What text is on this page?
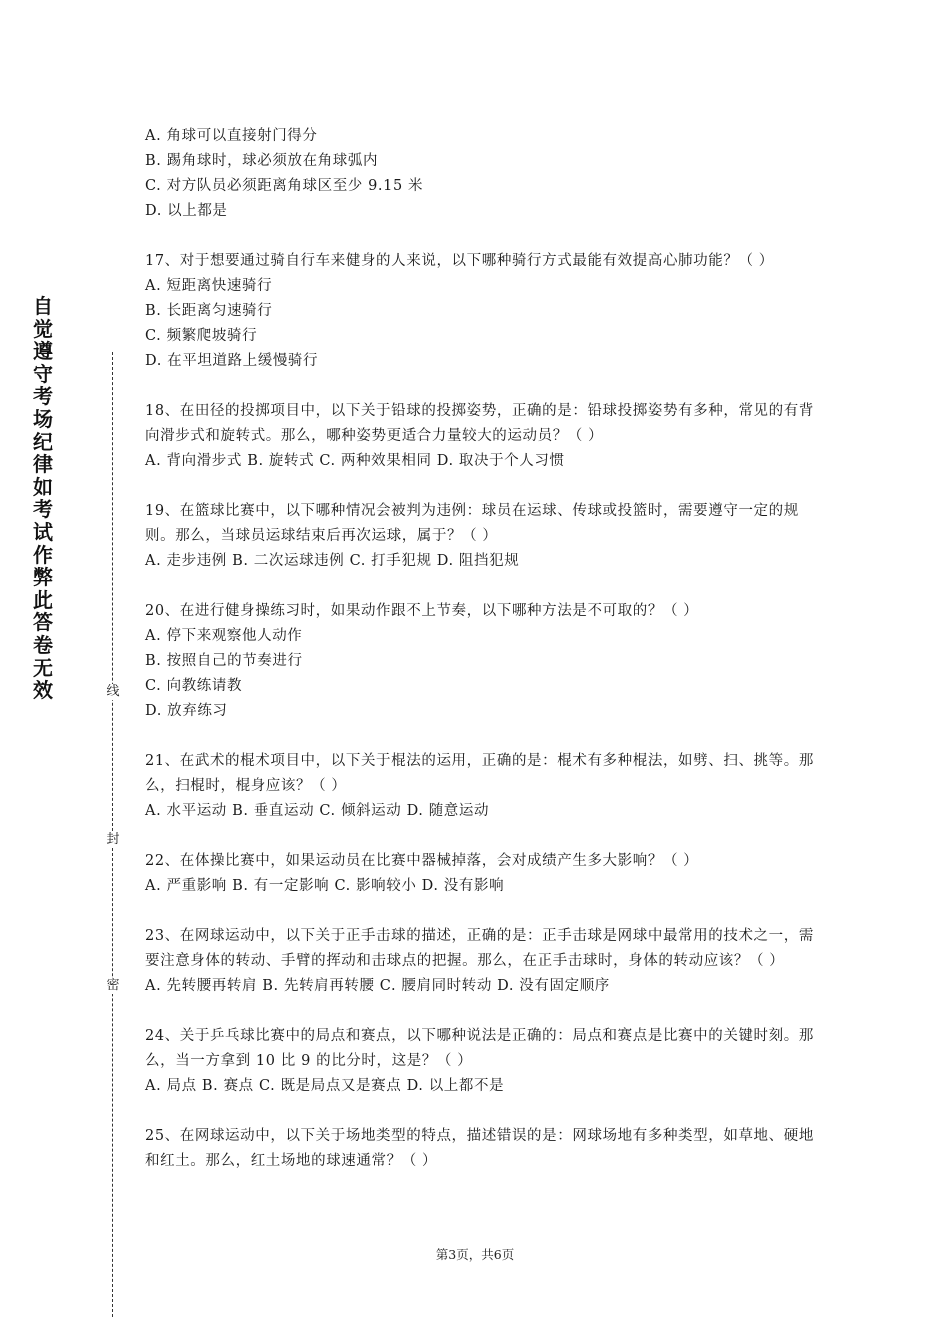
自觉遵守考场纪律如考试作弊此答卷无效	线
封
密
A. 角球可以直接射门得分
B. 踢角球时，球必须放在角球弧内
C. 对方队员必须距离角球区至少 9.15 米
D. 以上都是
17、对于想要通过骑自行车来健身的人来说，以下哪种骑行方式最能有效提高心肺功能？（ ）
A. 短距离快速骑行
B. 长距离匀速骑行
C. 频繁爬坡骑行
D. 在平坦道路上缓慢骑行
18、在田径的投掷项目中，以下关于铅球的投掷姿势，正确的是：铅球投掷姿势有多种，常见的有背向滑步式和旋转式。那么，哪种姿势更适合力量较大的运动员？（ ）
A. 背向滑步式 B. 旋转式 C. 两种效果相同 D. 取决于个人习惯
19、在篮球比赛中，以下哪种情况会被判为违例：球员在运球、传球或投篮时，需要遵守一定的规则。那么，当球员运球结束后再次运球，属于？（ ）
A. 走步违例 B. 二次运球违例 C. 打手犯规 D. 阻挡犯规
20、在进行健身操练习时，如果动作跟不上节奏，以下哪种方法是不可取的？（ ）
A. 停下来观察他人动作
B. 按照自己的节奏进行
C. 向教练请教
D. 放弃练习
21、在武术的棍术项目中，以下关于棍法的运用，正确的是：棍术有多种棍法，如劈、扫、挑等。那么，扫棍时，棍身应该？（ ）
A. 水平运动 B. 垂直运动 C. 倾斜运动 D. 随意运动
22、在体操比赛中，如果运动员在比赛中器械掉落，会对成绩产生多大影响？（ ）
A. 严重影响 B. 有一定影响 C. 影响较小 D. 没有影响
23、在网球运动中，以下关于正手击球的描述，正确的是：正手击球是网球中最常用的技术之一，需要注意身体的转动、手臂的挥动和击球点的把握。那么，在正手击球时，身体的转动应该？（ ）
A. 先转腰再转肩 B. 先转肩再转腰 C. 腰肩同时转动 D. 没有固定顺序
24、关于乒乓球比赛中的局点和赛点，以下哪种说法是正确的：局点和赛点是比赛中的关键时刻。那么，当一方拿到 10 比 9 的比分时，这是？（ ）
A. 局点 B. 赛点 C. 既是局点又是赛点 D. 以上都不是
25、在网球运动中，以下关于场地类型的特点，描述错误的是：网球场地有多种类型，如草地、硬地和红土。那么，红土场地的球速通常？（ ）
第3页，共6页
